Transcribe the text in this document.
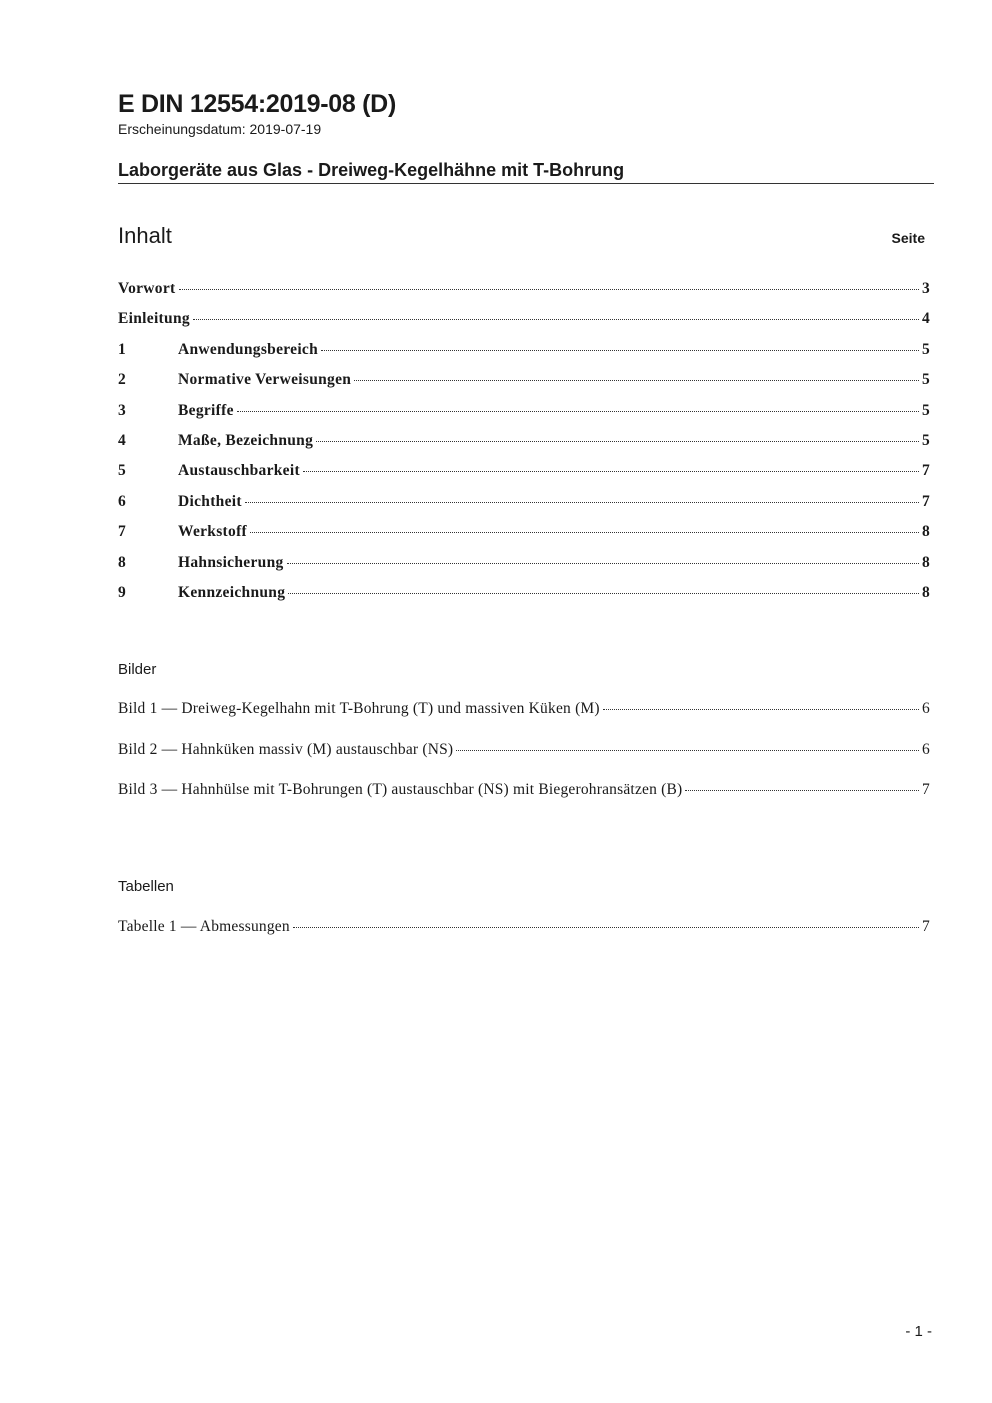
E DIN 12554:2019-08 (D)
Erscheinungsdatum: 2019-07-19
Laborgeräte aus Glas - Dreiweg-Kegelhähne mit T-Bohrung
Inhalt	Seite
Vorwort	3
Einleitung	4
1	Anwendungsbereich	5
2	Normative Verweisungen	5
3	Begriffe	5
4	Maße, Bezeichnung	5
5	Austauschbarkeit	7
6	Dichtheit	7
7	Werkstoff	8
8	Hahnsicherung	8
9	Kennzeichnung	8
Bilder
Bild 1 — Dreiweg-Kegelhahn mit T-Bohrung (T) und massiven Küken (M)	6
Bild 2 — Hahnküken massiv (M) austauschbar (NS)	6
Bild 3 — Hahnhülse mit T-Bohrungen (T) austauschbar (NS) mit Biegerohransätzen (B)	7
Tabellen
Tabelle 1 — Abmessungen	7
- 1 -
